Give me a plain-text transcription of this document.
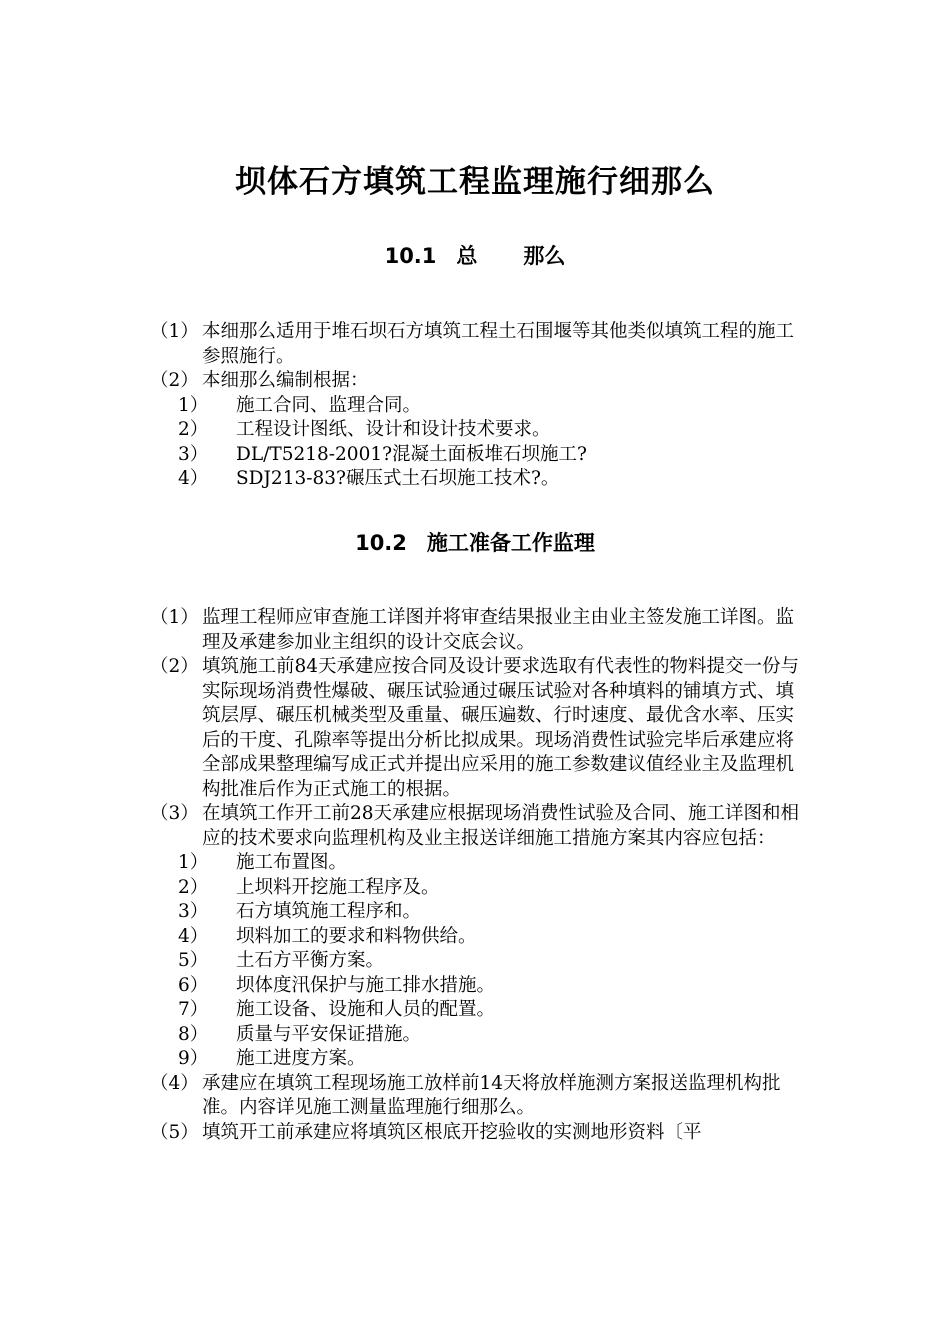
坝体石方填筑工程监理施行细那么
10.1 总 那么
（1） 本细那么适用于堆石坝石方填筑工程土石围堰等其他类似填筑工程的施工参照施行。
（2） 本细那么编制根据：
1） 施工合同、监理合同。
2） 工程设计图纸、设计和设计技术要求。
3） DL/T5218-2001?混凝土面板堆石坝施工?
4） SDJ213-83?碾压式土石坝施工技术?。
10.2 施工准备工作监理
（1） 监理工程师应审查施工详图并将审查结果报业主由业主签发施工详图。监理及承建参加业主组织的设计交底会议。
（2） 填筑施工前84天承建应按合同及设计要求选取有代表性的物料提交一份与实际现场消费性爆破、碾压试验通过碾压试验对各种填料的铺填方式、填筑层厚、碾压机械类型及重量、碾压遍数、行时速度、最优含水率、压实后的干度、孔隙率等提出分析比拟成果。现场消费性试验完毕后承建应将全部成果整理编写成正式并提出应采用的施工参数建议值经业主及监理机构批准后作为正式施工的根据。
（3） 在填筑工作开工前28天承建应根据现场消费性试验及合同、施工详图和相应的技术要求向监理机构及业主报送详细施工措施方案其内容应包括：
1） 施工布置图。
2） 上坝料开挖施工程序及。
3） 石方填筑施工程序和。
4） 坝料加工的要求和料物供给。
5） 土石方平衡方案。
6） 坝体度汛保护与施工排水措施。
7） 施工设备、设施和人员的配置。
8） 质量与平安保证措施。
9） 施工进度方案。
（4） 承建应在填筑工程现场施工放样前14天将放样施测方案报送监理机构批准。内容详见施工测量监理施行细那么。
（5） 填筑开工前承建应将填筑区根底开挖验收的实测地形资料〔平
